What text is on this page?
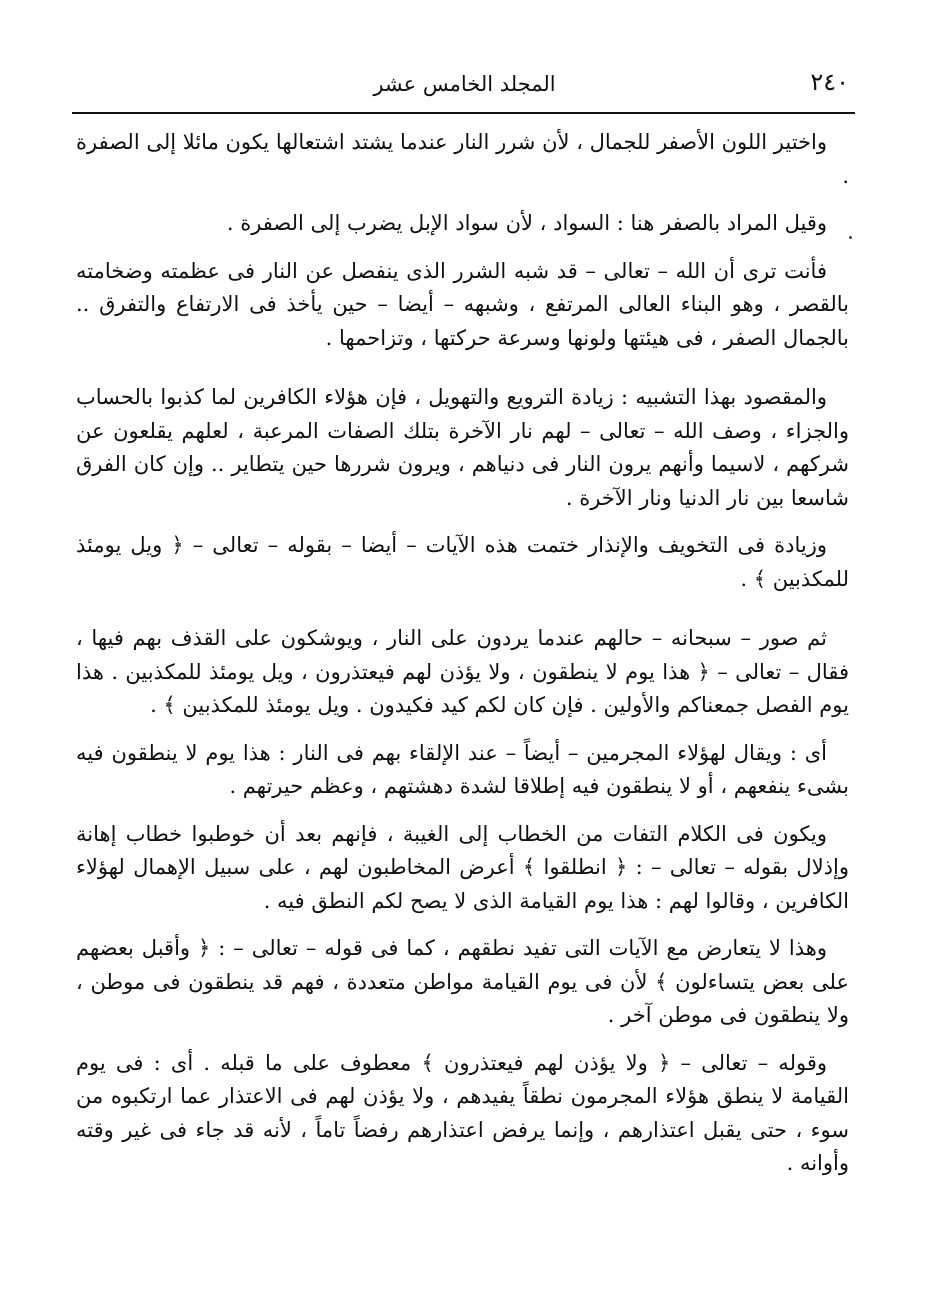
٢٤٠
المجلد الخامس عشر

واختير اللون الأصفر للجمال ، لأن شرر النار عندما يشتد اشتعالها يكون مائلا إلى الصفرة .

وقيل المراد بالصفر هنا : السواد ، لأن سواد الإبل يضرب إلى الصفرة .

فأنت ترى أن الله – تعالى – قد شبه الشرر الذى ينفصل عن النار فى عظمته وضخامته بالقصر ، وهو البناء العالى المرتفع ، وشبهه – أيضا – حين يأخذ فى الارتفاع والتفرق .. بالجمال الصفر ، فى هيئتها ولونها وسرعة حركتها ، وتزاحمها .

والمقصود بهذا التشبيه : زيادة الترويع والتهويل ، فإن هؤلاء الكافرين لما كذبوا بالحساب والجزاء ، وصف الله – تعالى – لهم نار الآخرة بتلك الصفات المرعبة ، لعلهم يقلعون عن شركهم ، لاسيما وأنهم يرون النار فى دنياهم ، ويرون شررها حين يتطاير .. وإن كان الفرق شاسعا بين نار الدنيا ونار الآخرة .

وزيادة فى التخويف والإنذار ختمت هذه الآيات – أيضا – بقوله – تعالى – ﴿ ويل يومئذ للمكذبين ﴾ .

ثم صور – سبحانه – حالهم عندما يردون على النار ، ويوشكون على القذف بهم فيها ، فقال – تعالى – ﴿ هذا يوم لا ينطقون ، ولا يؤذن لهم فيعتذرون ، ويل يومئذ للمكذبين . هذا يوم الفصل جمعناكم والأولين . فإن كان لكم كيد فكيدون . ويل يومئذ للمكذبين ﴾ .

أى : ويقال لهؤلاء المجرمين – أيضاً – عند الإلقاء بهم فى النار : هذا يوم لا ينطقون فيه بشىء ينفعهم ، أو لا ينطقون فيه إطلاقا لشدة دهشتهم ، وعظم حيرتهم .

ويكون فى الكلام التفات من الخطاب إلى الغيبة ، فإنهم بعد أن خوطبوا خطاب إهانة وإذلال بقوله – تعالى – : ﴿ انطلقوا ﴾ أعرض المخاطبون لهم ، على سبيل الإهمال لهؤلاء الكافرين ، وقالوا لهم : هذا يوم القيامة الذى لا يصح لكم النطق فيه .

وهذا لا يتعارض مع الآيات التى تفيد نطقهم ، كما فى قوله – تعالى – : ﴿ وأقبل بعضهم على بعض يتساءلون ﴾ لأن فى يوم القيامة مواطن متعددة ، فهم قد ينطقون فى موطن ، ولا ينطقون فى موطن آخر .

وقوله – تعالى – ﴿ ولا يؤذن لهم فيعتذرون ﴾ معطوف على ما قبله . أى : فى يوم القيامة لا ينطق هؤلاء المجرمون نطقاً يفيدهم ، ولا يؤذن لهم فى الاعتذار عما ارتكبوه من سوء ، حتى يقبل اعتذارهم ، وإنما يرفض اعتذارهم رفضاً تاماً ، لأنه قد جاء فى غير وقته وأوانه .
